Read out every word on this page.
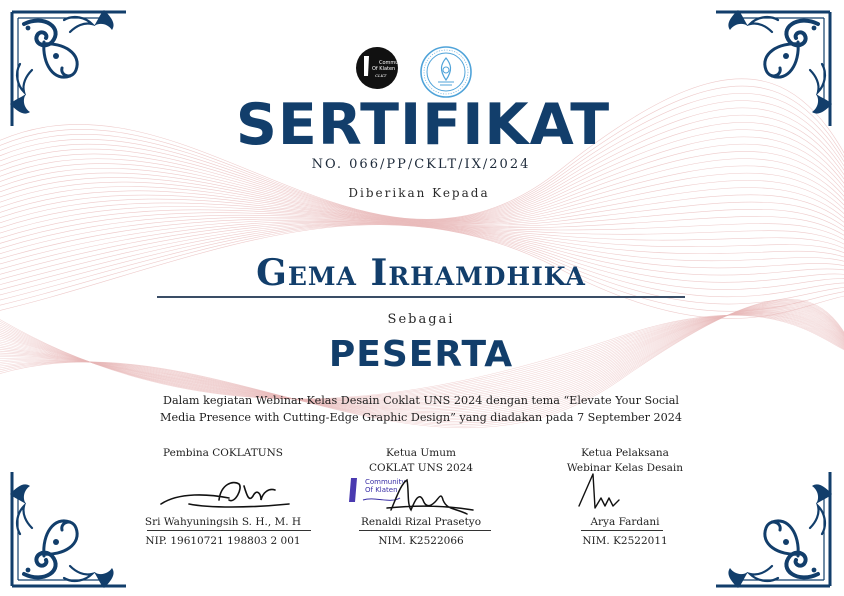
Community
Of Klaten
CLKT
SERTIFIKAT
NO. 066/PP/CKLT/IX/2024
Diberikan Kepada
Gema Irhamdhika
Sebagai
PESERTA
Dalam kegiatan Webinar Kelas Desain Coklat UNS 2024 dengan tema “Elevate Your Social
Media Presence with Cutting-Edge Graphic Design” yang diadakan pada 7 September 2024
Pembina COKLATUNS
Sri Wahyuningsih S. H., M. H
NIP. 19610721 198803 2 001
Ketua Umum
COKLAT UNS 2024
Community
Of Klaten
Renaldi Rizal Prasetyo
NIM. K2522066
Ketua Pelaksana
Webinar Kelas Desain
Arya Fardani
NIM. K2522011
